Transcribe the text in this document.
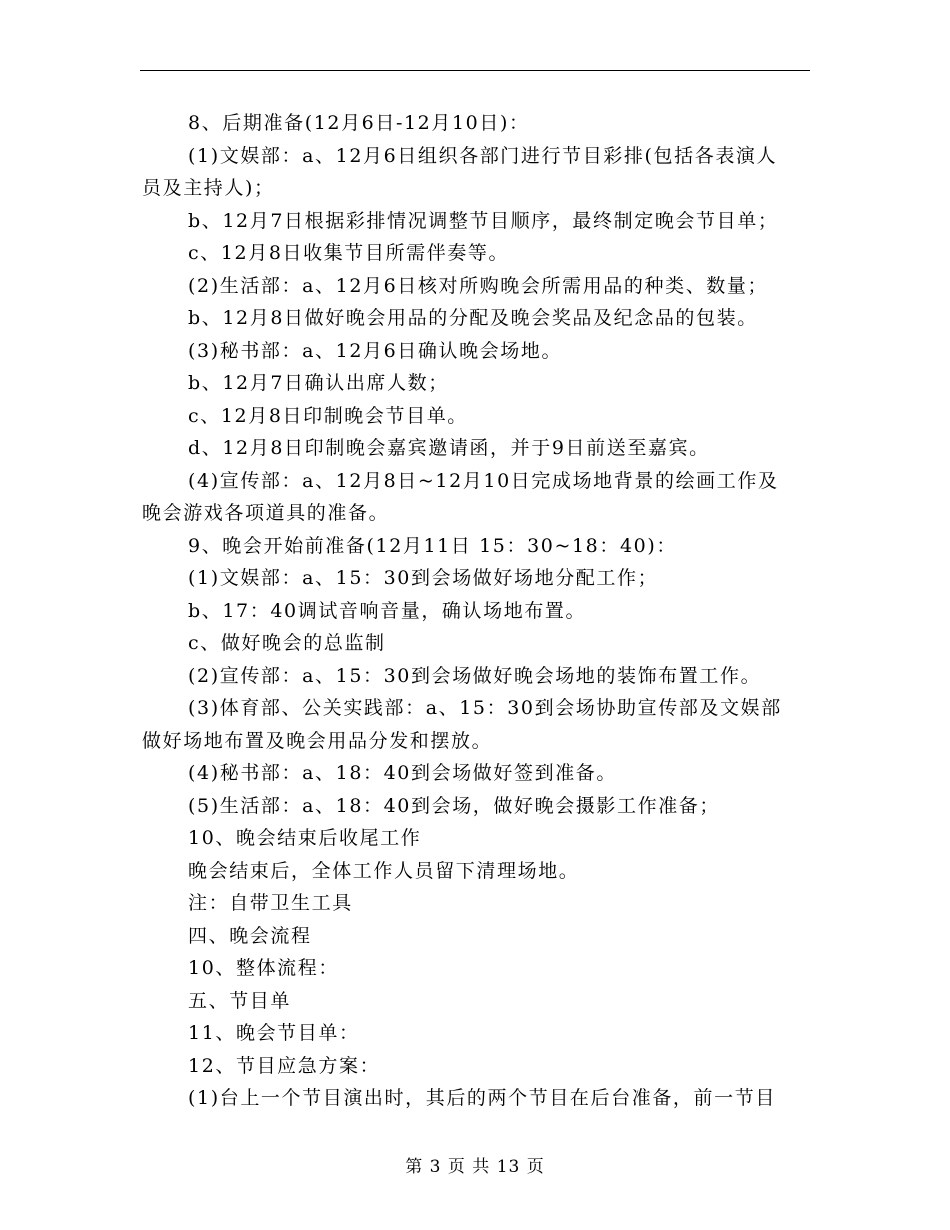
8、后期准备(12月6日-12月10日)：
(1)文娱部：a、12月6日组织各部门进行节目彩排(包括各表演人
员及主持人)；
b、12月7日根据彩排情况调整节目顺序，最终制定晚会节目单；
c、12月8日收集节目所需伴奏等。
(2)生活部：a、12月6日核对所购晚会所需用品的种类、数量；
b、12月8日做好晚会用品的分配及晚会奖品及纪念品的包装。
(3)秘书部：a、12月6日确认晚会场地。
b、12月7日确认出席人数；
c、12月8日印制晚会节目单。
d、12月8日印制晚会嘉宾邀请函，并于9日前送至嘉宾。
(4)宣传部：a、12月8日~12月10日完成场地背景的绘画工作及
晚会游戏各项道具的准备。
9、晚会开始前准备(12月11日 15：30~18：40)：
(1)文娱部：a、15：30到会场做好场地分配工作；
b、17：40调试音响音量，确认场地布置。
c、做好晚会的总监制
(2)宣传部：a、15：30到会场做好晚会场地的装饰布置工作。
(3)体育部、公关实践部：a、15：30到会场协助宣传部及文娱部
做好场地布置及晚会用品分发和摆放。
(4)秘书部：a、18：40到会场做好签到准备。
(5)生活部：a、18：40到会场，做好晚会摄影工作准备；
10、晚会结束后收尾工作
晚会结束后，全体工作人员留下清理场地。
注：自带卫生工具
四、晚会流程
10、整体流程：
五、节目单
11、晚会节目单：
12、节目应急方案：
(1)台上一个节目演出时，其后的两个节目在后台准备，前一节目
第 3 页 共 13 页
